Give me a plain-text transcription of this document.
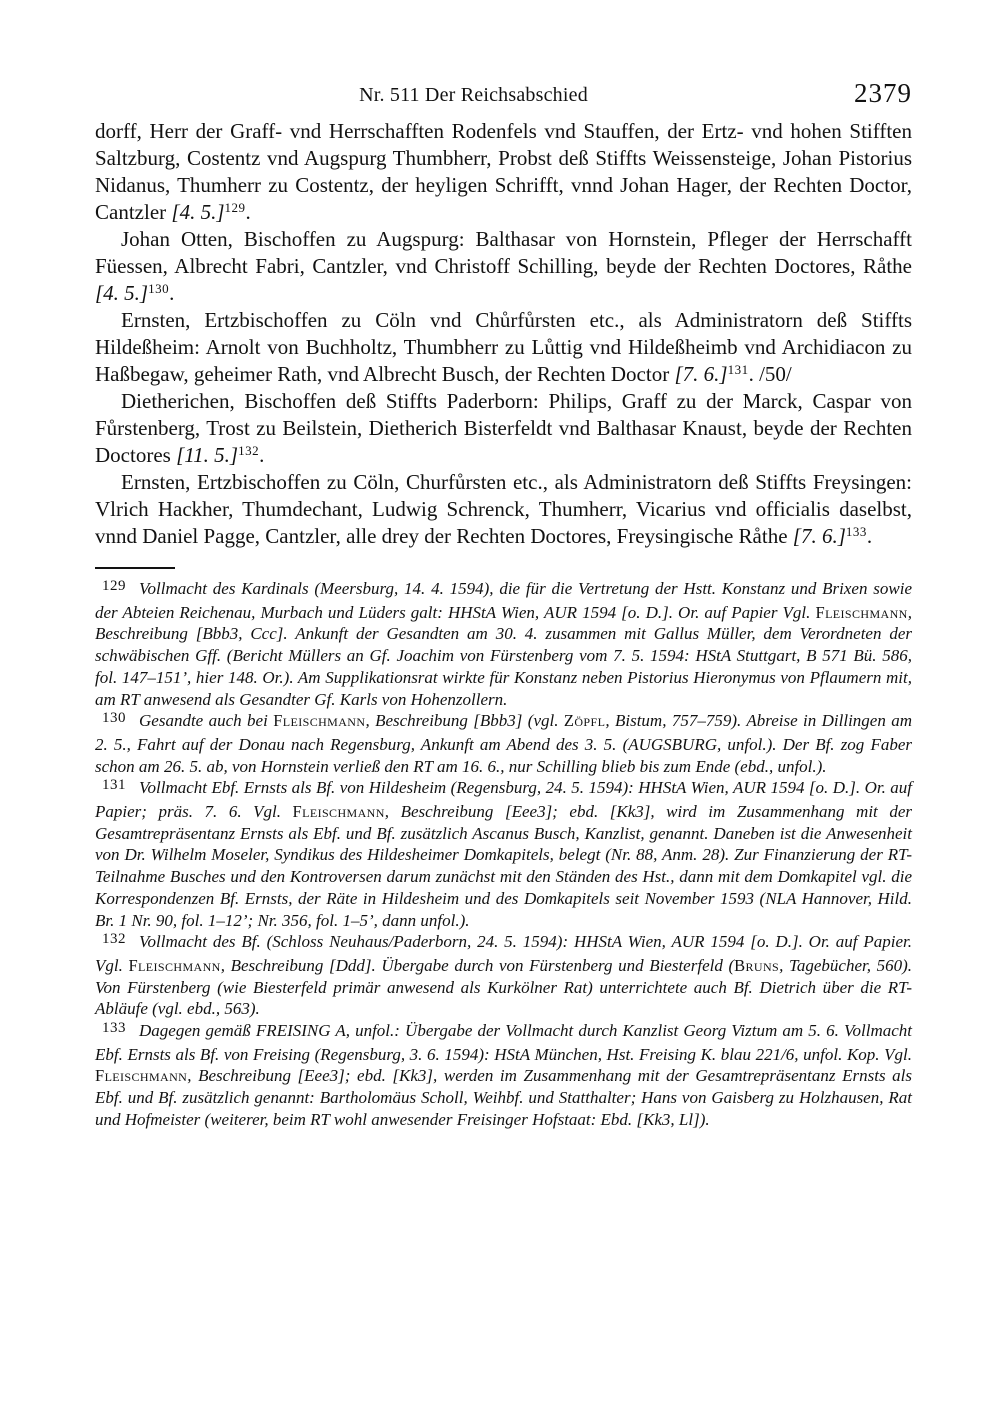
Nr. 511 Der Reichsabschied	2379

dorff, Herr der Graff- vnd Herrschafften Rodenfels vnd Stauffen, der Ertz- vnd hohen Stifften Saltzburg, Costentz vnd Augspurg Thumbherr, Probst deß Stiffts Weissensteige, Johan Pistorius Nidanus, Thumherr zu Costentz, der heyligen Schrifft, vnnd Johan Hager, der Rechten Doctor, Cantzler [4. 5.]$^{129}$.

Johan Otten, Bischoffen zu Augspurg: Balthasar von Hornstein, Pfleger der Herrschafft Füessen, Albrecht Fabri, Cantzler, vnd Christoff Schilling, beyde der Rechten Doctores, Råthe [4. 5.]$^{130}$.

Ernsten, Ertzbischoffen zu Cöln vnd Chůrfůrsten etc., als Administratorn deß Stiffts Hildeßheim: Arnolt von Buchholtz, Thumbherr zu Lůttig vnd Hildeßheimb vnd Archidiacon zu Haßbegaw, geheimer Rath, vnd Albrecht Busch, der Rechten Doctor [7. 6.]$^{131}$. /50/

Dietherichen, Bischoffen deß Stiffts Paderborn: Philips, Graff zu der Marck, Caspar von Fůrstenberg, Trost zu Beilstein, Dietherich Bisterfeldt vnd Balthasar Knaust, beyde der Rechten Doctores [11. 5.]$^{132}$.

Ernsten, Ertzbischoffen zu Cöln, Churfůrsten etc., als Administratorn deß Stiffts Freysingen: Vlrich Hackher, Thumdechant, Ludwig Schrenck, Thumherr, Vicarius vnd officialis daselbst, vnnd Daniel Pagge, Cantzler, alle drey der Rechten Doctores, Freysingische Råthe [7. 6.]$^{133}$.

129 Vollmacht des Kardinals (Meersburg, 14. 4. 1594), die für die Vertretung der Hstt. Konstanz und Brixen sowie der Abteien Reichenau, Murbach und Lüders galt: HHStA Wien, AUR 1594 [o. D.]. Or. auf Papier Vgl. Fleischmann, Beschreibung [Bbb3, Ccc]. Ankunft der Gesandten am 30. 4. zusammen mit Gallus Müller, dem Verordneten der schwäbischen Gff. (Bericht Müllers an Gf. Joachim von Fürstenberg vom 7. 5. 1594: HStA Stuttgart, B 571 Bü. 586, fol. 147–151’, hier 148. Or.). Am Supplikationsrat wirkte für Konstanz neben Pistorius Hieronymus von Pflaumern mit, am RT anwesend als Gesandter Gf. Karls von Hohenzollern.

130 Gesandte auch bei Fleischmann, Beschreibung [Bbb3] (vgl. Zöpfl, Bistum, 757–759). Abreise in Dillingen am 2. 5., Fahrt auf der Donau nach Regensburg, Ankunft am Abend des 3. 5. (AUGSBURG, unfol.). Der Bf. zog Faber schon am 26. 5. ab, von Hornstein verließ den RT am 16. 6., nur Schilling blieb bis zum Ende (ebd., unfol.).

131 Vollmacht Ebf. Ernsts als Bf. von Hildesheim (Regensburg, 24. 5. 1594): HHStA Wien, AUR 1594 [o. D.]. Or. auf Papier; präs. 7. 6. Vgl. Fleischmann, Beschreibung [Eee3]; ebd. [Kk3], wird im Zusammenhang mit der Gesamtrepräsentanz Ernsts als Ebf. und Bf. zusätzlich Ascanus Busch, Kanzlist, genannt. Daneben ist die Anwesenheit von Dr. Wilhelm Moseler, Syndikus des Hildesheimer Domkapitels, belegt (Nr. 88, Anm. 28). Zur Finanzierung der RT-Teilnahme Busches und den Kontroversen darum zunächst mit den Ständen des Hst., dann mit dem Domkapitel vgl. die Korrespondenzen Bf. Ernsts, der Räte in Hildesheim und des Domkapitels seit November 1593 (NLA Hannover, Hild. Br. 1 Nr. 90, fol. 1–12’; Nr. 356, fol. 1–5’, dann unfol.).

132 Vollmacht des Bf. (Schloss Neuhaus/Paderborn, 24. 5. 1594): HHStA Wien, AUR 1594 [o. D.]. Or. auf Papier. Vgl. Fleischmann, Beschreibung [Ddd]. Übergabe durch von Fürstenberg und Biesterfeld (Bruns, Tagebücher, 560). Von Fürstenberg (wie Biesterfeld primär anwesend als Kurkölner Rat) unterrichtete auch Bf. Dietrich über die RT-Abläufe (vgl. ebd., 563).

133 Dagegen gemäß FREISING A, unfol.: Übergabe der Vollmacht durch Kanzlist Georg Viztum am 5. 6. Vollmacht Ebf. Ernsts als Bf. von Freising (Regensburg, 3. 6. 1594): HStA München, Hst. Freising K. blau 221/6, unfol. Kop. Vgl. Fleischmann, Beschreibung [Eee3]; ebd. [Kk3], werden im Zusammenhang mit der Gesamtrepräsentanz Ernsts als Ebf. und Bf. zusätzlich genannt: Bartholomäus Scholl, Weihbf. und Statthalter; Hans von Gaisberg zu Holzhausen, Rat und Hofmeister (weiterer, beim RT wohl anwesender Freisinger Hofstaat: Ebd. [Kk3, Ll]).
